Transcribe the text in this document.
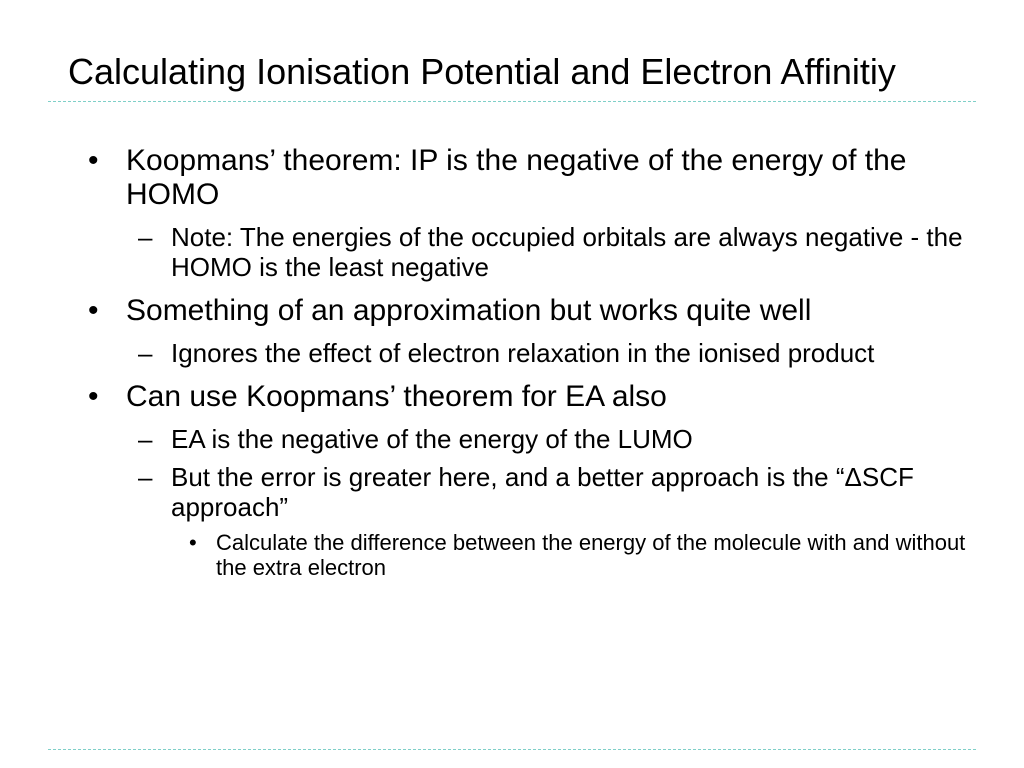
Calculating Ionisation Potential and Electron Affinitiy
• Koopmans’ theorem: IP is the negative of the energy of the HOMO
– Note: The energies of the occupied orbitals are always negative - the HOMO is the least negative
• Something of an approximation but works quite well
– Ignores the effect of electron relaxation in the ionised product
• Can use Koopmans’ theorem for EA also
– EA is the negative of the energy of the LUMO
– But the error is greater here, and a better approach is the “ΔSCF approach”
• Calculate the difference between the energy of the molecule with and without the extra electron
